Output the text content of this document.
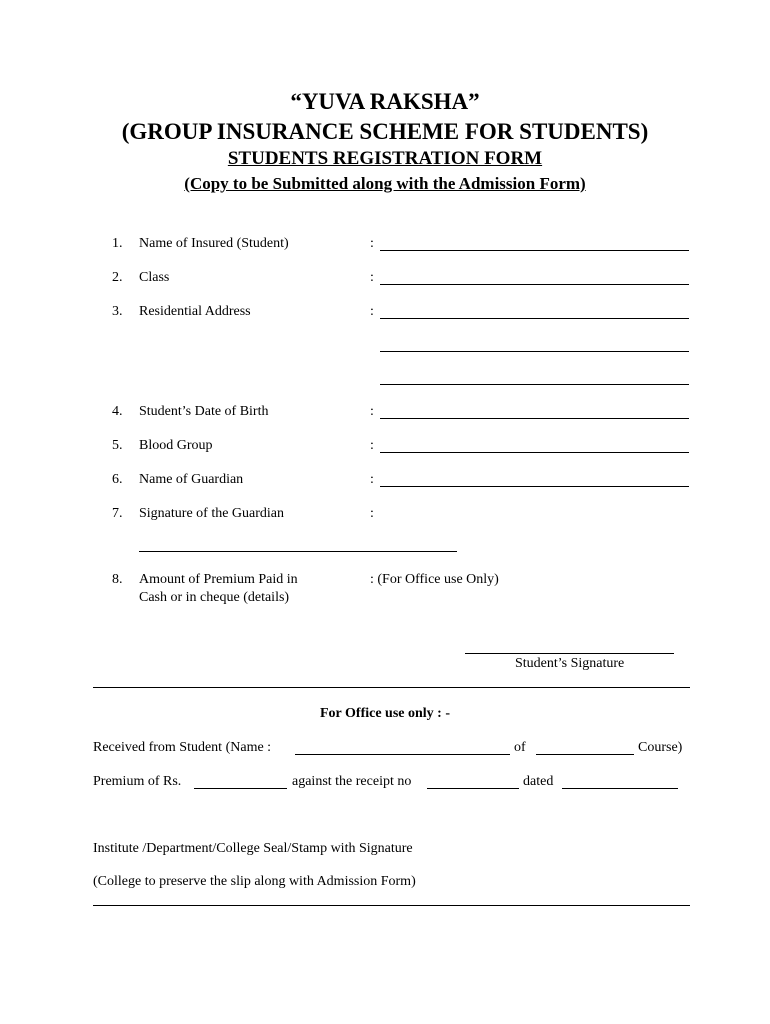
“YUVA RAKSHA”
(GROUP INSURANCE SCHEME FOR STUDENTS)
STUDENTS REGISTRATION FORM
(Copy to be Submitted along with the Admission Form)
1.	Name of Insured (Student)	:
2.	Class	:
3.	Residential Address	:
4.	Student’s Date of Birth	:
5.	Blood Group	:
6.	Name of Guardian	:
7.	Signature of the Guardian	:
8.	Amount of Premium Paid in	: (For Office use Only)
Cash or in cheque (details)
Student’s Signature
For Office use only : -
Received from Student (Name :	of	Course)
Premium of Rs.	against the receipt no	dated
Institute /Department/College Seal/Stamp with Signature
(College to preserve the slip along with Admission Form)
